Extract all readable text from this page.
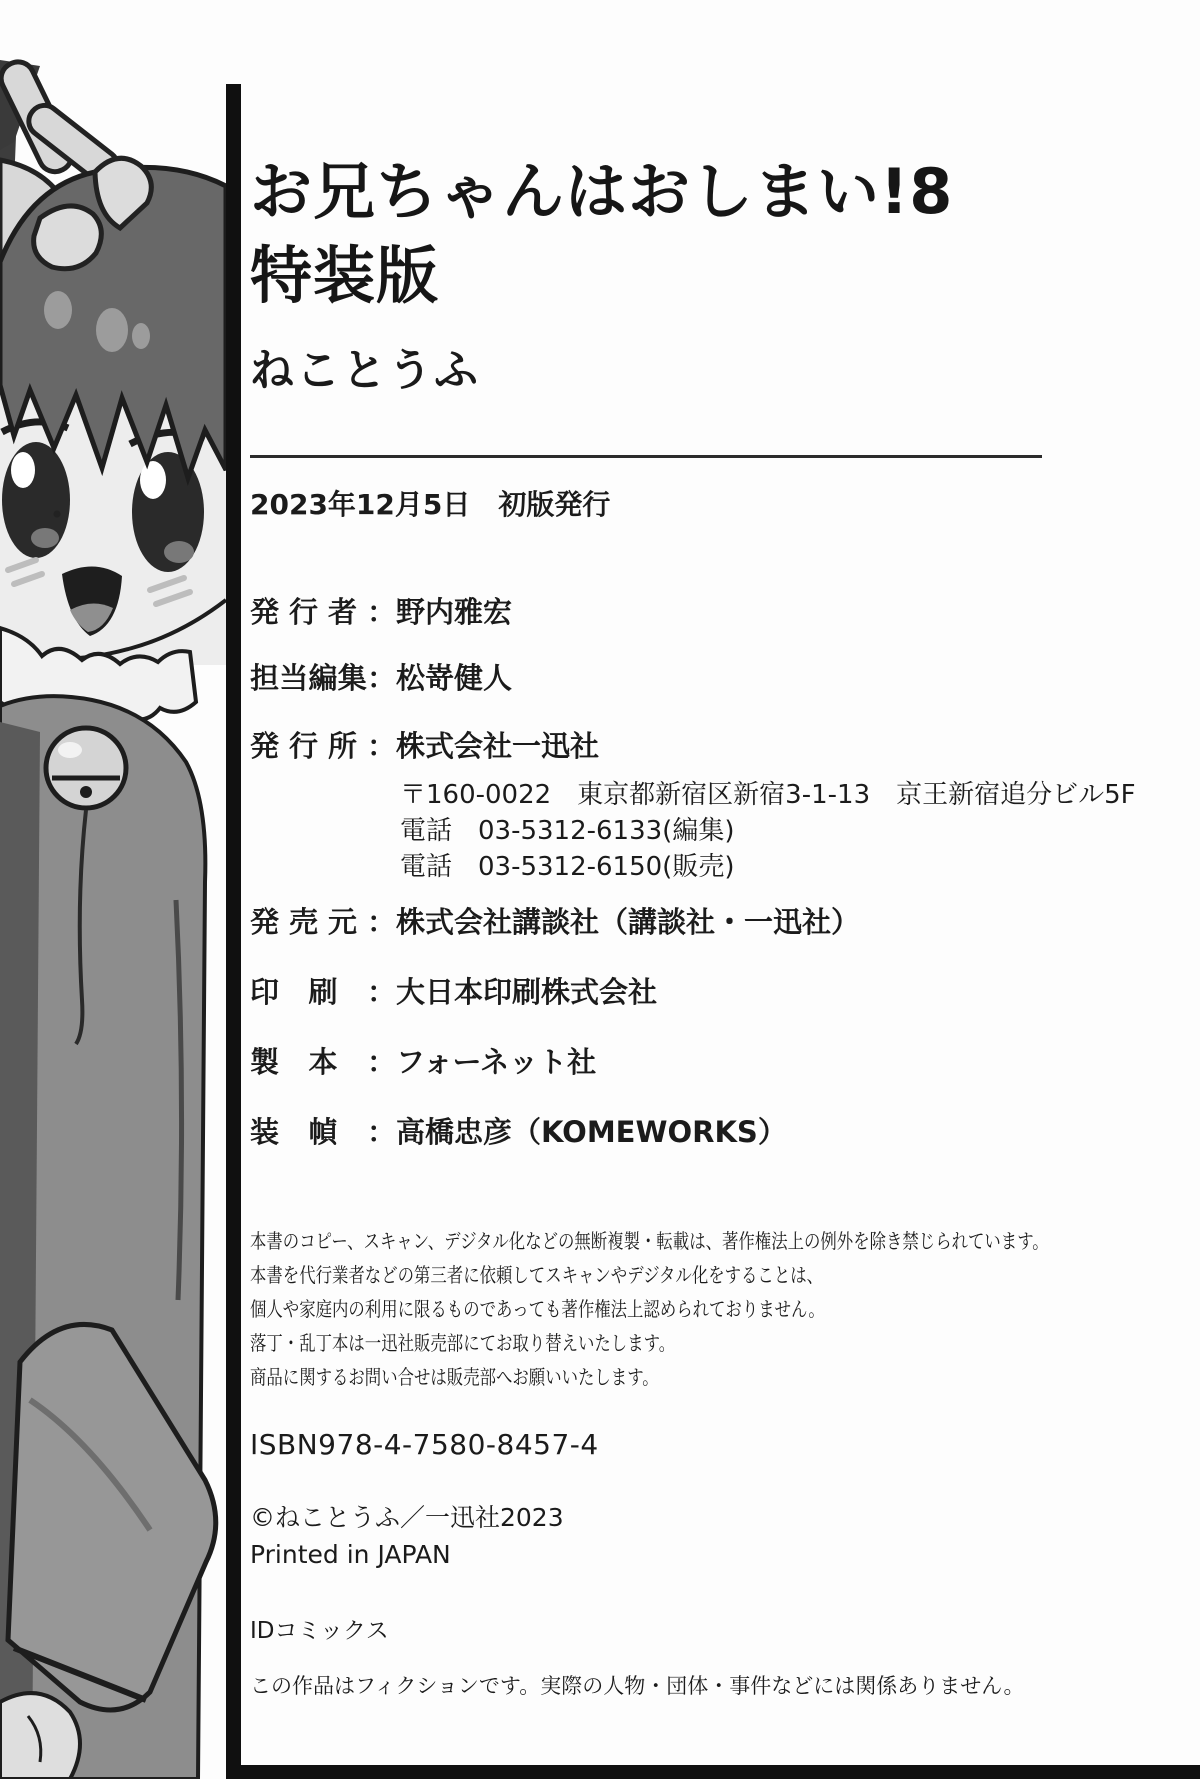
お兄ちゃんはおしまい!8
特装版
ねことうふ
2023年12月5日　初版発行
発行者：野内雅宏
担当編集：松嵜健人
発行所：株式会社一迅社
〒160-0022　東京都新宿区新宿3-1-13　京王新宿追分ビル5F
電話　03-5312-6133(編集)
電話　03-5312-6150(販売)
発売元：株式会社講談社（講談社・一迅社）
印刷：大日本印刷株式会社
製本：フォーネット社
装幀：高橋忠彦（KOMEWORKS）
本書のコピー、スキャン、デジタル化などの無断複製・転載は、著作権法上の例外を除き禁じられています。
本書を代行業者などの第三者に依頼してスキャンやデジタル化をすることは、
個人や家庭内の利用に限るものであっても著作権法上認められておりません。
落丁・乱丁本は一迅社販売部にてお取り替えいたします。
商品に関するお問い合せは販売部へお願いいたします。
ISBN978-4-7580-8457-4
©ねことうふ／一迅社2023
Printed in JAPAN
IDコミックス
この作品はフィクションです。実際の人物・団体・事件などには関係ありません。
